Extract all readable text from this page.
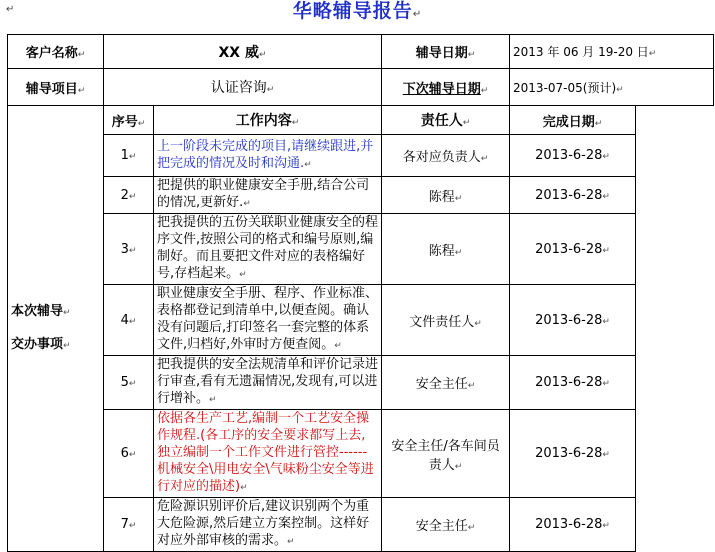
↵	华略辅导报告↵
客户名称↵	XX 威↵		辅导日期↵	2013 年 06 月 19-20 日↵
辅导项目↵	认证咨询↵		下次辅导日期↵	2013-07-05(预计)↵

本次辅导↵
交办事项↵	序号↵	工作内容↵	责任人↵	完成日期↵
	1↵	上一阶段未完成的项目,请继续跟进,并把完成的情况及时和沟通.↵	各对应负责人↵	2013-6-28↵
	2↵	把提供的职业健康安全手册,结合公司的情况,更新好.↵	陈程↵	2013-6-28↵
	3↵	把我提供的五份关联职业健康安全的程序文件,按照公司的格式和编号原则,编制好。而且要把文件对应的表格编好号,存档起来。↵	陈程↵	2013-6-28↵
	4↵	职业健康安全手册、程序、作业标准、表格都登记到清单中,以便查阅。确认没有问题后,打印签名一套完整的体系文件,归档好,外审时方便查阅。↵	文件责任人↵	2013-6-28↵
	5↵	把我提供的安全法规清单和评价记录进行审查,看有无遗漏情况,发现有,可以进行增补。↵	安全主任↵	2013-6-28↵
	6↵	依据各生产工艺,编制一个工艺安全操作规程.(各工序的安全要求都写上去,独立编制一个工作文件进行管控------机械安全\用电安全\气味粉尘安全等进行对应的描述)↵	安全主任/各车间员责人↵	2013-6-28↵
	7↵	危险源识别评价后,建议识别两个为重大危险源,然后建立方案控制。这样好对应外部审核的需求。↵	安全主任↵	2013-6-28↵
